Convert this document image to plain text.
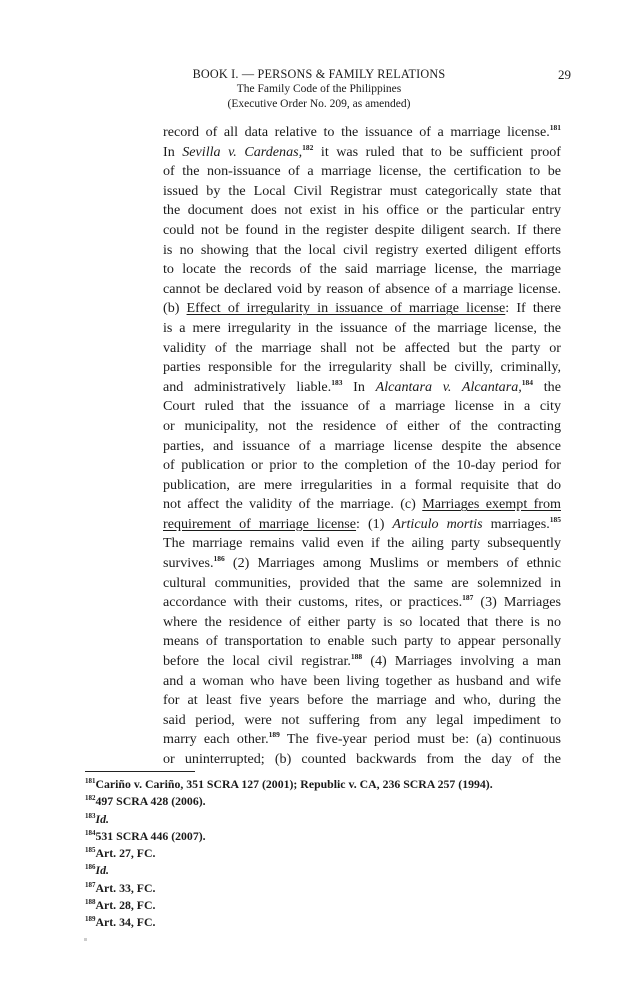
BOOK I. — PERSONS & FAMILY RELATIONS
The Family Code of the Philippines
(Executive Order No. 209, as amended)
29
record of all data relative to the issuance of a marriage license.$^{181}$
In Sevilla v. Cardenas,$^{182}$ it was ruled that to be sufficient proof
of the non-issuance of a marriage license, the certification to be
issued by the Local Civil Registrar must categorically state that
the document does not exist in his office or the particular entry
could not be found in the register despite diligent search. If there
is no showing that the local civil registry exerted diligent efforts
to locate the records of the said marriage license, the marriage
cannot be declared void by reason of absence of a marriage license.
(b) Effect of irregularity in issuance of marriage license: If there
is a mere irregularity in the issuance of the marriage license, the
validity of the marriage shall not be affected but the party or
parties responsible for the irregularity shall be civilly, criminally,
and administratively liable.$^{183}$ In Alcantara v. Alcantara,$^{184}$ the
Court ruled that the issuance of a marriage license in a city
or municipality, not the residence of either of the contracting
parties, and issuance of a marriage license despite the absence
of publication or prior to the completion of the 10-day period for
publication, are mere irregularities in a formal requisite that do
not affect the validity of the marriage. (c) Marriages exempt from
requirement of marriage license: (1) Articulo mortis marriages.$^{185}$
The marriage remains valid even if the ailing party subsequently
survives.$^{186}$ (2) Marriages among Muslims or members of ethnic
cultural communities, provided that the same are solemnized in
accordance with their customs, rites, or practices.$^{187}$ (3) Marriages
where the residence of either party is so located that there is no
means of transportation to enable such party to appear personally
before the local civil registrar.$^{188}$ (4) Marriages involving a man
and a woman who have been living together as husband and wife
for at least five years before the marriage and who, during the
said period, were not suffering from any legal impediment to
marry each other.$^{189}$ The five-year period must be: (a) continuous
or uninterrupted; (b) counted backwards from the day of the
$^{181}$Cariño v. Cariño, 351 SCRA 127 (2001); Republic v. CA, 236 SCRA 257 (1994).
$^{182}$497 SCRA 428 (2006).
$^{183}$Id.
$^{184}$531 SCRA 446 (2007).
$^{185}$Art. 27, FC.
$^{186}$Id.
$^{187}$Art. 33, FC.
$^{188}$Art. 28, FC.
$^{189}$Art. 34, FC.
